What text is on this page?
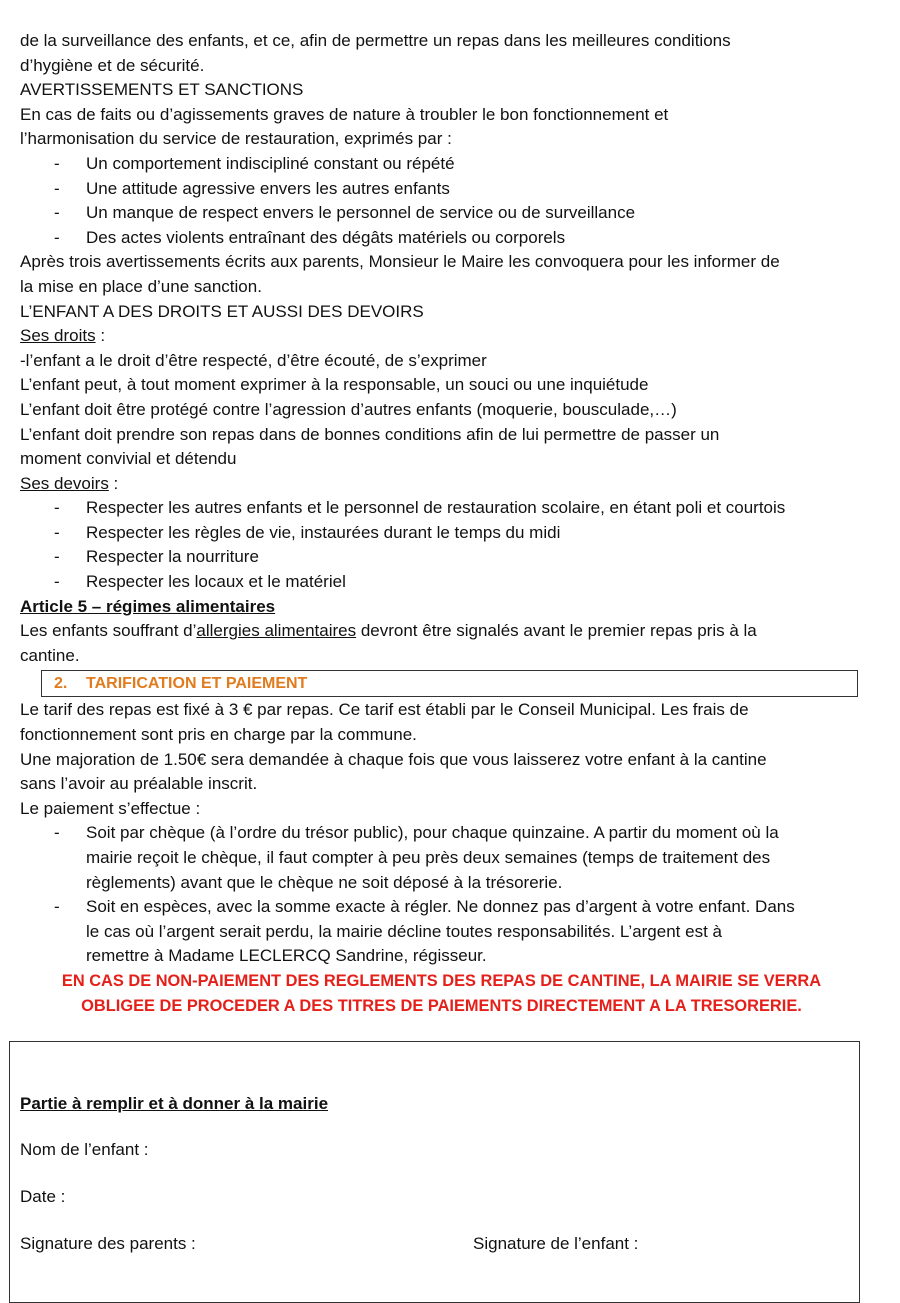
de la surveillance des enfants, et ce, afin de permettre un repas dans les meilleures conditions

d’hygiène et de sécurité.

AVERTISSEMENTS ET SANCTIONS

En cas de faits ou d’agissements graves de nature à troubler le bon fonctionnement et

l’harmonisation du service de restauration, exprimés par :

- Un comportement indiscipliné constant ou répété
- Une attitude agressive envers les autres enfants
- Un manque de respect envers le personnel de service ou de surveillance
- Des actes violents entraînant des dégâts matériels ou corporels

Après trois avertissements écrits aux parents, Monsieur le Maire les convoquera pour les informer de

la mise en place d’une sanction.

L’ENFANT A DES DROITS ET AUSSI DES DEVOIRS

Ses droits :

-l’enfant a le droit d’être respecté, d’être écouté, de s’exprimer

L’enfant peut, à tout moment exprimer à la responsable, un souci ou une inquiétude

L’enfant doit être protégé contre l’agression d’autres enfants (moquerie, bousculade,…)

L’enfant doit prendre son repas dans de bonnes conditions afin de lui permettre de passer un

moment convivial et détendu

Ses devoirs :

- Respecter les autres enfants et le personnel de restauration scolaire, en étant poli et courtois
- Respecter les règles de vie, instaurées durant le temps du midi
- Respecter la nourriture
- Respecter les locaux et le matériel

Article 5 – régimes alimentaires

Les enfants souffrant d’allergies alimentaires devront être signalés avant le premier repas pris à la

cantine.

2. TARIFICATION ET PAIEMENT

Le tarif des repas est fixé à 3 € par repas. Ce tarif est établi par le Conseil Municipal. Les frais de

fonctionnement sont pris en charge par la commune.

Une majoration de 1.50€ sera demandée à chaque fois que vous laisserez votre enfant à la cantine

sans l’avoir au préalable inscrit.

Le paiement s’effectue :

- Soit par chèque (à l’ordre du trésor public), pour chaque quinzaine. A partir du moment où la
mairie reçoit le chèque, il faut compter à peu près deux semaines (temps de traitement des
règlements) avant que le chèque ne soit déposé à la trésorerie.
- Soit en espèces, avec la somme exacte à régler. Ne donnez pas d’argent à votre enfant. Dans
le cas où l’argent serait perdu, la mairie décline toutes responsabilités. L’argent est à
remettre à Madame LECLERCQ Sandrine, régisseur.

EN CAS DE NON-PAIEMENT DES REGLEMENTS DES REPAS DE CANTINE, LA MAIRIE SE VERRA

OBLIGEE DE PROCEDER A DES TITRES DE PAIEMENTS DIRECTEMENT A LA TRESORERIE.

Partie à remplir et à donner à la mairie

Nom de l’enfant :

Date :

Signature des parents :	Signature de l’enfant :
